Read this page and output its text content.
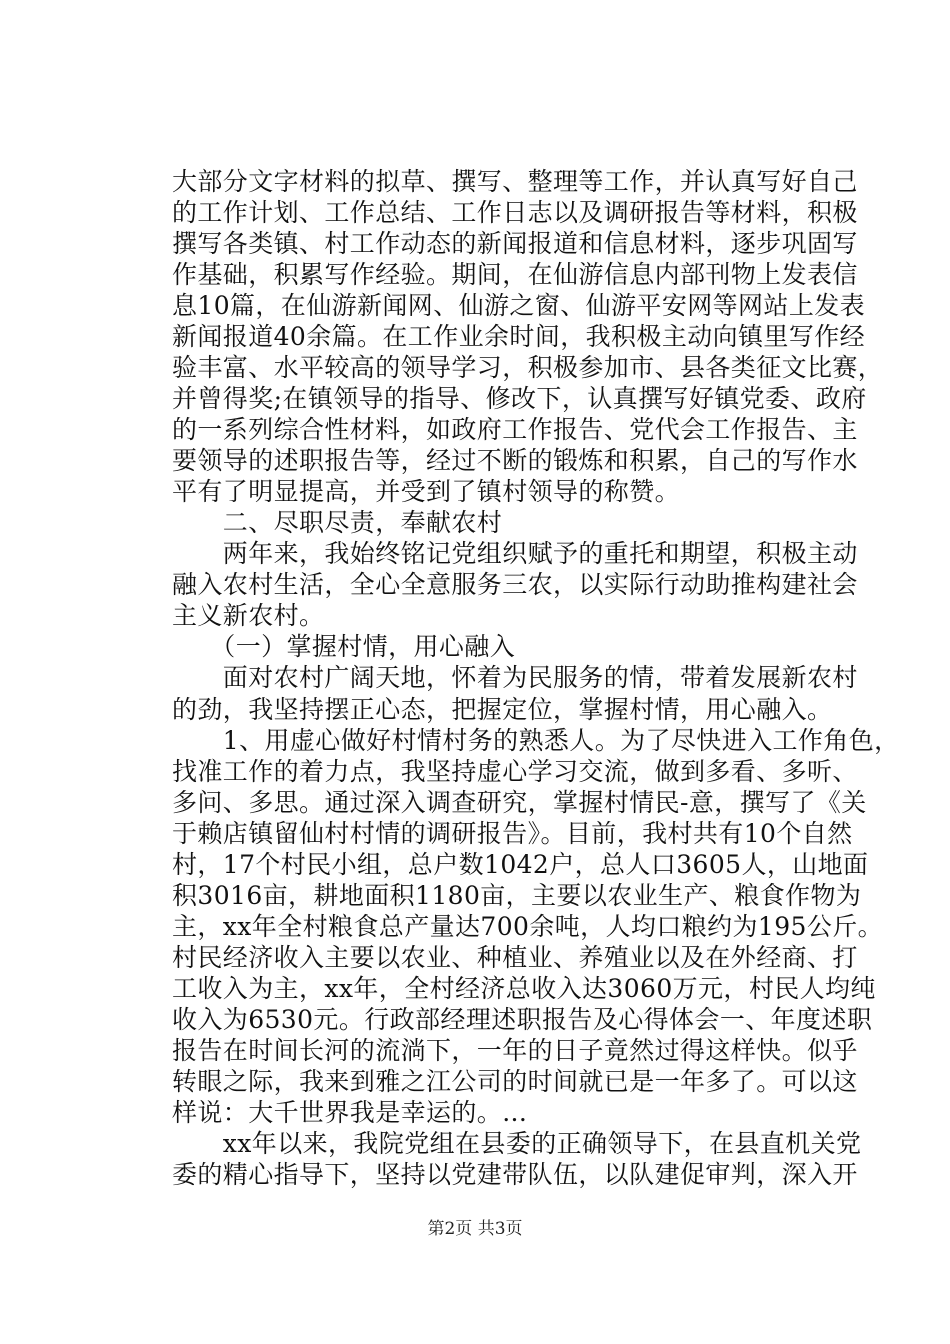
大部分文字材料的拟草、撰写、整理等工作，并认真写好自己
的工作计划、工作总结、工作日志以及调研报告等材料，积极
撰写各类镇、村工作动态的新闻报道和信息材料，逐步巩固写
作基础，积累写作经验。期间，在仙游信息内部刊物上发表信
息10篇，在仙游新闻网、仙游之窗、仙游平安网等网站上发表
新闻报道40余篇。在工作业余时间，我积极主动向镇里写作经
验丰富、水平较高的领导学习，积极参加市、县各类征文比赛，
并曾得奖;在镇领导的指导、修改下，认真撰写好镇党委、政府
的一系列综合性材料，如政府工作报告、党代会工作报告、主
要领导的述职报告等，经过不断的锻炼和积累，自己的写作水
平有了明显提高，并受到了镇村领导的称赞。
　　二、尽职尽责，奉献农村
　　两年来，我始终铭记党组织赋予的重托和期望，积极主动
融入农村生活，全心全意服务三农，以实际行动助推构建社会
主义新农村。
　　（一）掌握村情，用心融入
　　面对农村广阔天地，怀着为民服务的情，带着发展新农村
的劲，我坚持摆正心态，把握定位，掌握村情，用心融入。
　　1、用虚心做好村情村务的熟悉人。为了尽快进入工作角色，
找准工作的着力点，我坚持虚心学习交流，做到多看、多听、
多问、多思。通过深入调查研究，掌握村情民-意，撰写了《关
于赖店镇留仙村村情的调研报告》。目前，我村共有10个自然
村，17个村民小组，总户数1042户，总人口3605人，山地面
积3016亩，耕地面积1180亩，主要以农业生产、粮食作物为
主，xx年全村粮食总产量达700余吨，人均口粮约为195公斤。
村民经济收入主要以农业、种植业、养殖业以及在外经商、打
工收入为主，xx年，全村经济总收入达3060万元，村民人均纯
收入为6530元。行政部经理述职报告及心得体会一、年度述职
报告在时间长河的流淌下，一年的日子竟然过得这样快。似乎
转眼之际，我来到雅之江公司的时间就已是一年多了。可以这
样说：大千世界我是幸运的。...
　　xx年以来，我院党组在县委的正确领导下，在县直机关党
委的精心指导下，坚持以党建带队伍，以队建促审判，深入开
第2页 共3页
